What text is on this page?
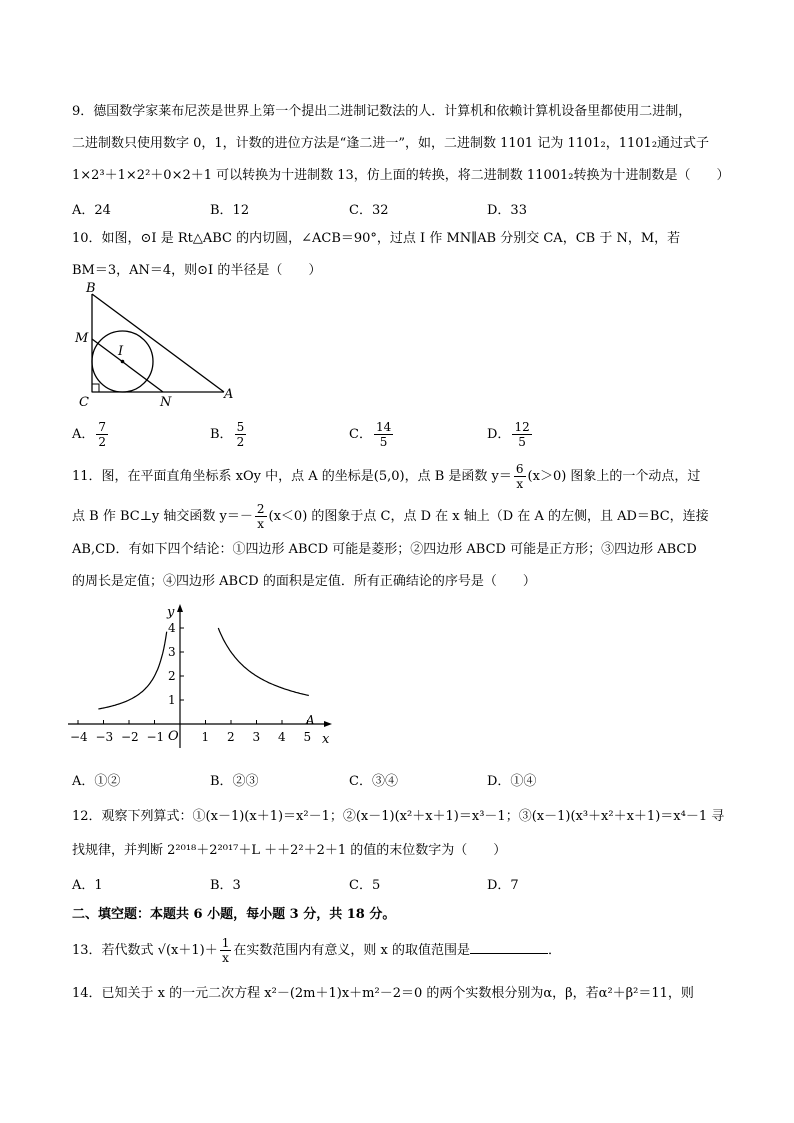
9．德国数学家莱布尼茨是世界上第一个提出二进制记数法的人．计算机和依赖计算机设备里都使用二进制，
二进制数只使用数字 0，1，计数的进位方法是“逢二进一”，如，二进制数 1101 记为 1101₂，1101₂通过式子
1×2³＋1×2²＋0×2＋1 可以转换为十进制数 13，仿上面的转换，将二进制数 11001₂转换为十进制数是（　　）
A．24	B．12	C．32	D．33
10．如图，⊙I 是 Rt△ABC 的内切圆，∠ACB＝90°，过点 I 作 MN∥AB 分别交 CA，CB 于 N，M，若
BM＝3，AN＝4，则⊙I 的半径是（　　）
B
M
I
C	N
A
A． $\frac{7}{2}$	B． $\frac{5}{2}$	C． $\frac{14}{5}$	D． $\frac{12}{5}$
11．图，在平面直角坐标系 xOy 中，点 A 的坐标是(5,0)，点 B 是函数 $y= \frac{6}{x} (x>0)$ 图象上的一个动点，过
点 B 作 BC⊥y 轴交函数 $y=- \frac{2}{x} (x<0)$ 的图象于点 C，点 D 在 x 轴上（D 在 A 的左侧，且 AD＝BC，连接
AB,CD．有如下四个结论：①四边形 ABCD 可能是菱形；②四边形 ABCD 可能是正方形；③四边形 ABCD
的周长是定值；④四边形 ABCD 的面积是定值．所有正确结论的序号是（　　）
y
x
O
A
−4 −3 −2 −1	1 2 3 4 5
1
2
3
4
A．①②	B．②③	C．③④	D．①④
12．观察下列算式：①(x－1)(x＋1)＝x²－1；②(x－1)(x²＋x＋1)＝x³－1；③(x－1)(x³＋x²＋x＋1)＝x⁴－1 寻
找规律，并判断 2²⁰¹⁸＋2²⁰¹⁷＋L ＋＋2²＋2＋1 的值的末位数字为（　　）
A．1	B．3	C．5	D．7
二、填空题：本题共 6 小题，每小题 3 分，共 18 分。
13．若代数式 $√(x+1)+ \frac{1}{x}$ 在实数范围内有意义，则 x 的取值范围是	．
14．已知关于 x 的一元二次方程 x²－(2m＋1)x＋m²－2＝0 的两个实数根分别为α，β，若α²＋β²＝11，则
